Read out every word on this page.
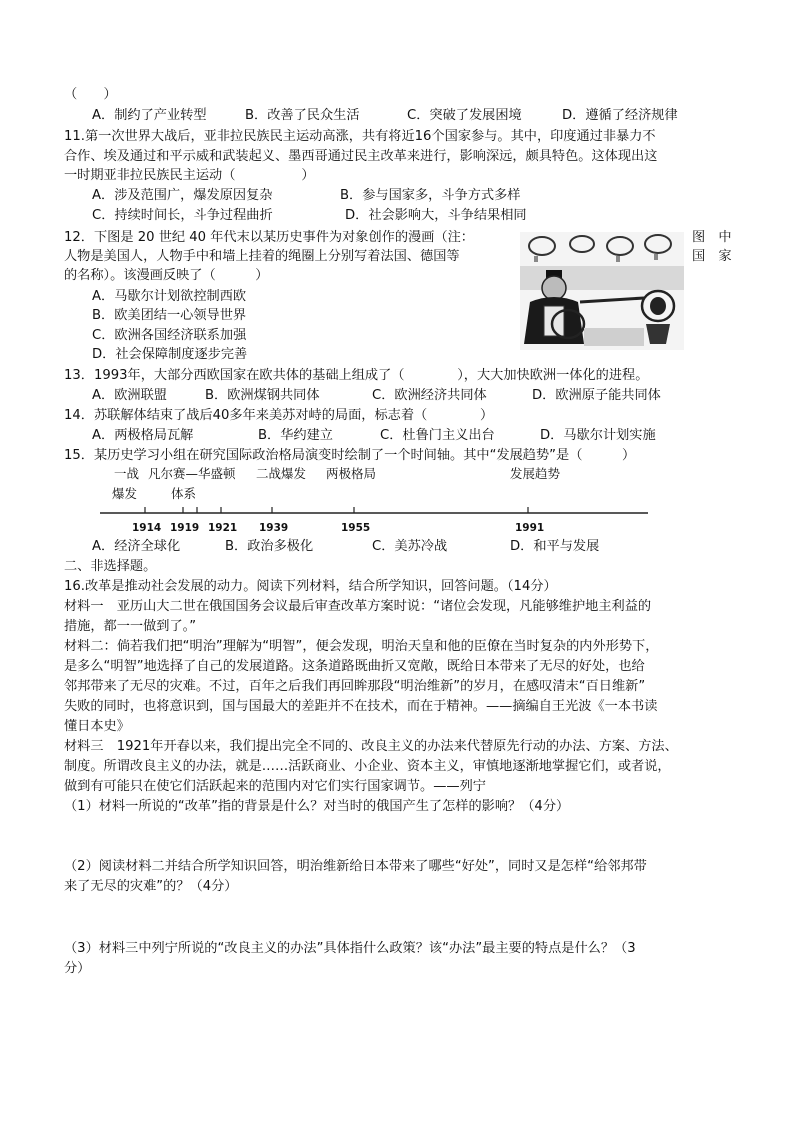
（　　）
A．制约了产业转型	B．改善了民众生活	C．突破了发展困境	D．遵循了经济规律
11.第一次世界大战后，亚非拉民族民主运动高涨，共有将近16个国家参与。其中，印度通过非暴力不
合作、埃及通过和平示威和武装起义、墨西哥通过民主改革来进行，影响深远，颇具特色。这体现出这
一时期亚非拉民族民主运动（　　　　　）
A．涉及范围广，爆发原因复杂	B．参与国家多，斗争方式多样
C．持续时间长，斗争过程曲折	D．社会影响大，斗争结果相同
12．下图是 20 世纪 40 年代末以某历史事件为对象创作的漫画（注：
人物是美国人，人物手中和墙上挂着的绳圈上分别写着法国、德国等
的名称）。该漫画反映了（　　　）
图　中
国　家
A．马歇尔计划欲控制西欧
B．欧美团结一心领导世界
C．欧洲各国经济联系加强
D．社会保障制度逐步完善
13．1993年，大部分西欧国家在欧共体的基础上组成了（　　　　），大大加快欧洲一体化的进程。
A．欧洲联盟	B．欧洲煤钢共同体	C．欧洲经济共同体	D．欧洲原子能共同体
14．苏联解体结束了战后40多年来美苏对峙的局面，标志着（　　　　）
A．两极格局瓦解	B．华约建立	C．杜鲁门主义出台	D．马歇尔计划实施
15．某历史学习小组在研究国际政治格局演变时绘制了一个时间轴。其中“发展趋势”是（　　　）
一战
爆发
凡尔赛—华盛顿
体系
二战爆发 两极格局	发展趋势
1914 1919 1921 1939	1955	1991
A．经济全球化	B．政治多极化	C．美苏冷战	D．和平与发展
二、非选择题。
16.改革是推动社会发展的动力。阅读下列材料，结合所学知识，回答问题。（14分）
材料一　亚历山大二世在俄国国务会议最后审查改革方案时说：“诸位会发现，凡能够维护地主利益的
措施，都一一做到了。”
材料二：倘若我们把“明治”理解为“明智”，便会发现，明治天皇和他的臣僚在当时复杂的内外形势下，
是多么“明智”地选择了自己的发展道路。这条道路既曲折又宽敞，既给日本带来了无尽的好处，也给
邻邦带来了无尽的灾难。不过，百年之后我们再回眸那段“明治维新”的岁月，在感叹清末“百日维新”
失败的同时，也将意识到，国与国最大的差距并不在技术，而在于精神。——摘编自王光波《一本书读
懂日本史》
材料三　1921年开春以来，我们提出完全不同的、改良主义的办法来代替原先行动的办法、方案、方法、
制度。所谓改良主义的办法，就是……活跃商业、小企业、资本主义，审慎地逐渐地掌握它们，或者说，
做到有可能只在使它们活跃起来的范围内对它们实行国家调节。——列宁
（1）材料一所说的“改革”指的背景是什么？对当时的俄国产生了怎样的影响？（4分）
（2）阅读材料二并结合所学知识回答，明治维新给日本带来了哪些“好处”，同时又是怎样“给邻邦带
来了无尽的灾难”的？（4分）
（3）材料三中列宁所说的“改良主义的办法”具体指什么政策？该“办法”最主要的特点是什么？（3
分）
